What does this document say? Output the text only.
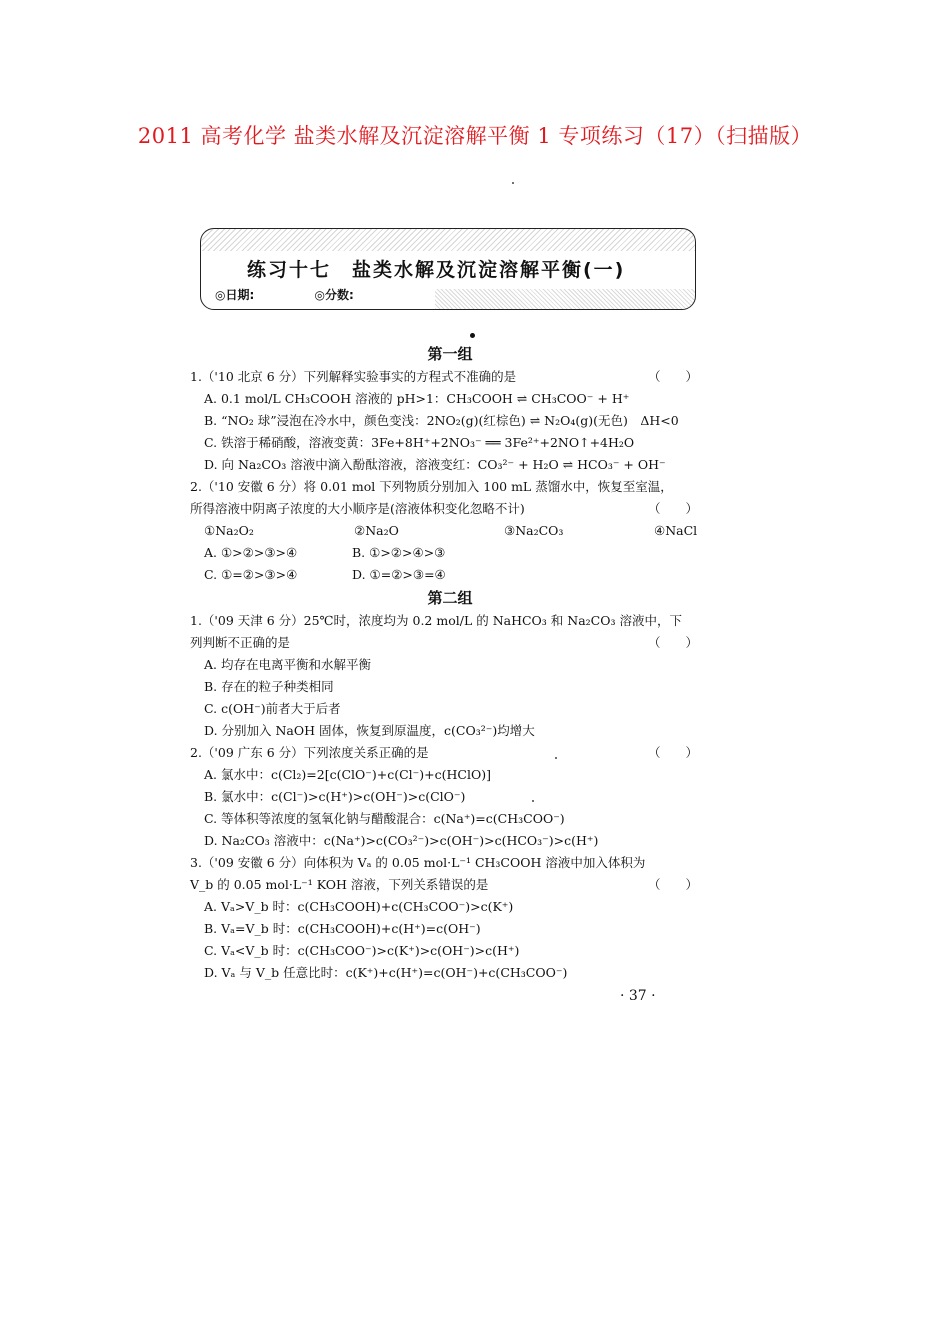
2011 高考化学 盐类水解及沉淀溶解平衡 1 专项练习（17）（扫描版）
练习十七　盐类水解及沉淀溶解平衡(一)
◎日期:	◎分数:
第一组
1.（'10 北京 6 分）下列解释实验事实的方程式不准确的是	（　　）
A. 0.1 mol/L CH₃COOH 溶液的 pH>1：CH₃COOH ⇌ CH₃COO⁻ + H⁺
B. “NO₂ 球”浸泡在冷水中，颜色变浅：2NO₂(g)(红棕色) ⇌ N₂O₄(g)(无色)　ΔH<0
C. 铁溶于稀硝酸，溶液变黄：3Fe+8H⁺+2NO₃⁻ ══ 3Fe²⁺+2NO↑+4H₂O
D. 向 Na₂CO₃ 溶液中滴入酚酞溶液，溶液变红：CO₃²⁻ + H₂O ⇌ HCO₃⁻ + OH⁻
2.（'10 安徽 6 分）将 0.01 mol 下列物质分别加入 100 mL 蒸馏水中，恢复至室温，
所得溶液中阴离子浓度的大小顺序是(溶液体积变化忽略不计)	（　　）
①Na₂O₂	②Na₂O	③Na₂CO₃	④NaCl
A. ①>②>③>④	B. ①>②>④>③
C. ①=②>③>④	D. ①=②>③=④
第二组
1.（'09 天津 6 分）25℃时，浓度均为 0.2 mol/L 的 NaHCO₃ 和 Na₂CO₃ 溶液中，下
列判断不正确的是	（　　）
A. 均存在电离平衡和水解平衡
B. 存在的粒子种类相同
C. c(OH⁻)前者大于后者
D. 分别加入 NaOH 固体，恢复到原温度，c(CO₃²⁻)均增大
2.（'09 广东 6 分）下列浓度关系正确的是	（　　）
A. 氯水中：c(Cl₂)=2[c(ClO⁻)+c(Cl⁻)+c(HClO)]
B. 氯水中：c(Cl⁻)>c(H⁺)>c(OH⁻)>c(ClO⁻)
C. 等体积等浓度的氢氧化钠与醋酸混合：c(Na⁺)=c(CH₃COO⁻)
D. Na₂CO₃ 溶液中：c(Na⁺)>c(CO₃²⁻)>c(OH⁻)>c(HCO₃⁻)>c(H⁺)
3.（'09 安徽 6 分）向体积为 Vₐ 的 0.05 mol·L⁻¹ CH₃COOH 溶液中加入体积为
V_b 的 0.05 mol·L⁻¹ KOH 溶液，下列关系错误的是	（　　）
A. Vₐ>V_b 时：c(CH₃COOH)+c(CH₃COO⁻)>c(K⁺)
B. Vₐ=V_b 时：c(CH₃COOH)+c(H⁺)=c(OH⁻)
C. Vₐ<V_b 时：c(CH₃COO⁻)>c(K⁺)>c(OH⁻)>c(H⁺)
D. Vₐ 与 V_b 任意比时：c(K⁺)+c(H⁺)=c(OH⁻)+c(CH₃COO⁻)
· 37 ·
